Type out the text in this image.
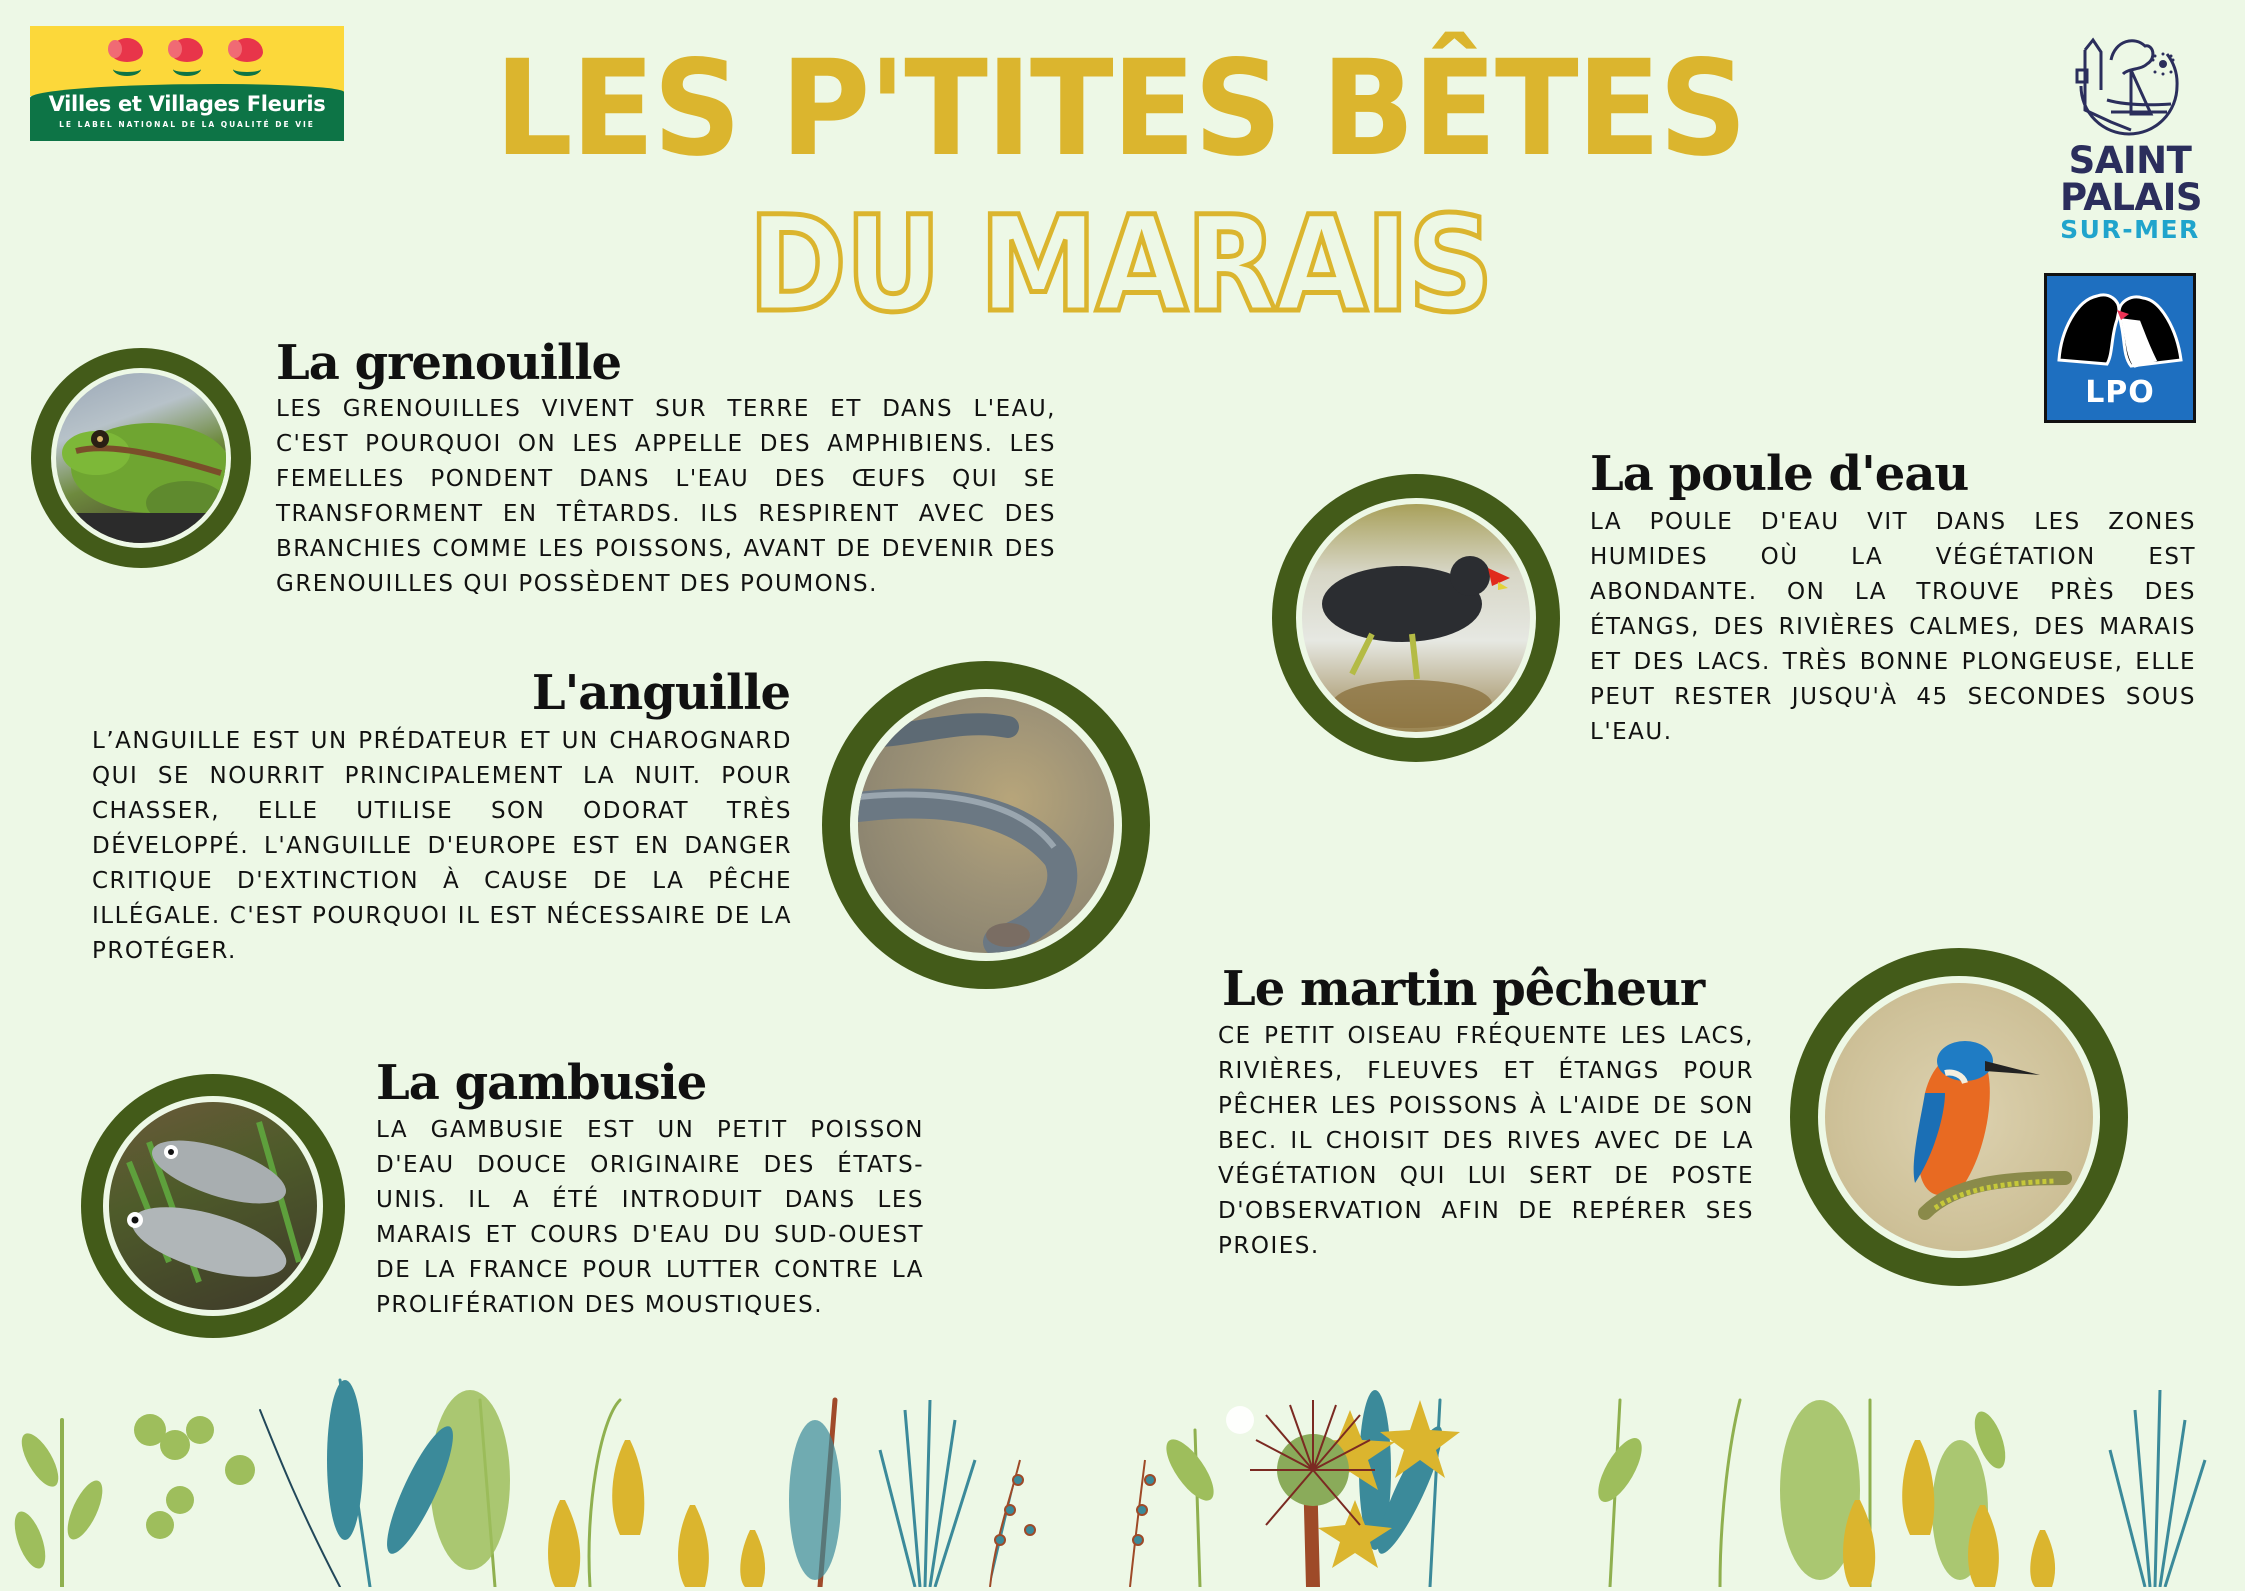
Villes et Villages Fleuris
LE LABEL NATIONAL DE LA QUALITÉ DE VIE LES P'TITES BÊTES
DU MARAIS
SAINT
PALAIS
SUR-MER
LPO
La grenouille
LES GRENOUILLES VIVENT SUR TERRE ET DANS L'EAU, C'EST POURQUOI ON LES APPELLE DES AMPHIBIENS. LES FEMELLES PONDENT DANS L'EAU DES ŒUFS QUI SE TRANSFORMENT EN TÊTARDS. ILS RESPIRENT AVEC DES BRANCHIES COMME LES POISSONS, AVANT DE DEVENIR DES GRENOUILLES QUI POSSÈDENT DES POUMONS.
L'anguille
L’ANGUILLE EST UN PRÉDATEUR ET UN CHAROGNARD QUI SE NOURRIT PRINCIPALEMENT LA NUIT. POUR CHASSER, ELLE UTILISE SON ODORAT TRÈS DÉVELOPPÉ. L'ANGUILLE D'EUROPE EST EN DANGER CRITIQUE D'EXTINCTION À CAUSE DE LA PÊCHE ILLÉGALE. C'EST POURQUOI IL EST NÉCESSAIRE DE LA PROTÉGER.
La gambusie
LA GAMBUSIE EST UN PETIT POISSON D'EAU DOUCE ORIGINAIRE DES ÉTATS-UNIS. IL A ÉTÉ INTRODUIT DANS LES MARAIS ET COURS D'EAU DU SUD-OUEST DE LA FRANCE POUR LUTTER CONTRE LA PROLIFÉRATION DES MOUSTIQUES.
La poule d'eau
LA POULE D'EAU VIT DANS LES ZONES HUMIDES OÙ LA VÉGÉTATION EST ABONDANTE. ON LA TROUVE PRÈS DES ÉTANGS, DES RIVIÈRES CALMES, DES MARAIS ET DES LACS. TRÈS BONNE PLONGEUSE, ELLE PEUT RESTER JUSQU'À 45 SECONDES SOUS L'EAU.
Le martin pêcheur
CE PETIT OISEAU FRÉQUENTE LES LACS, RIVIÈRES, FLEUVES ET ÉTANGS POUR PÊCHER LES POISSONS À L'AIDE DE SON BEC. IL CHOISIT DES RIVES AVEC DE LA VÉGÉTATION QUI LUI SERT DE POSTE D'OBSERVATION AFIN DE REPÉRER SES PROIES.
